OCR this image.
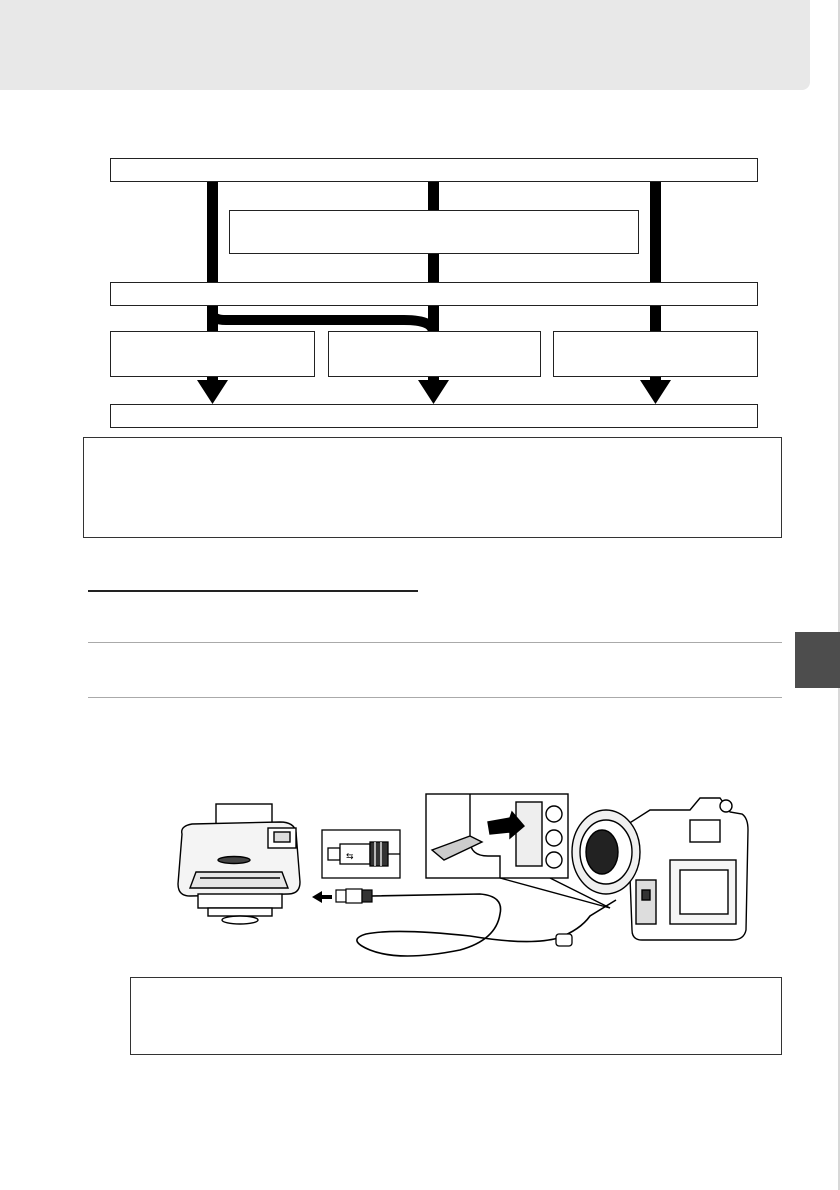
⇆
